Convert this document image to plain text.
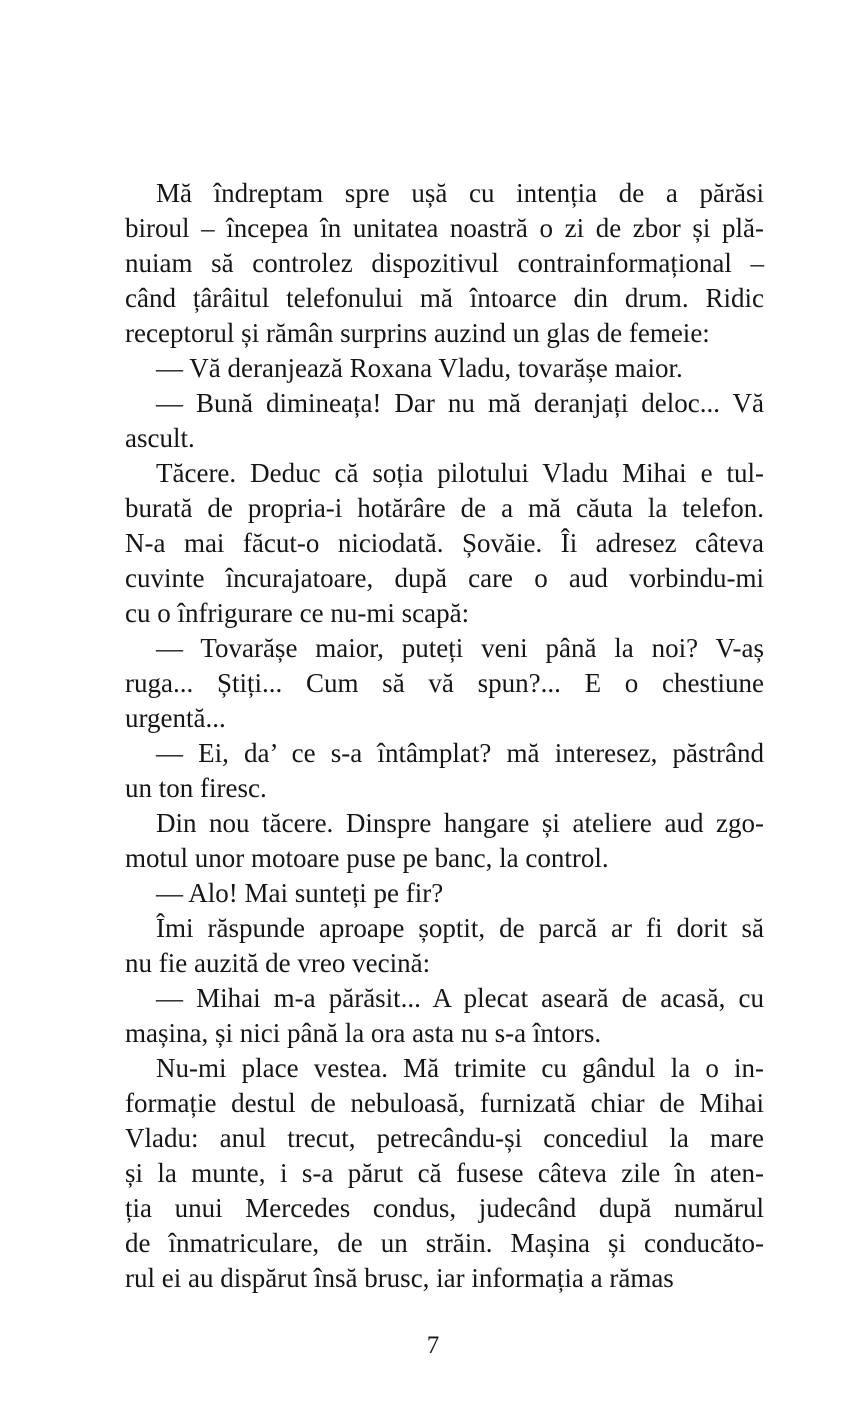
Mă îndreptam spre ușă cu intenția de a părăsi
biroul – începea în unitatea noastră o zi de zbor și plă-
nuiam să controlez dispozitivul contrainformațional –
când țârâitul telefonului mă întoarce din drum. Ridic
receptorul și rămân surprins auzind un glas de femeie:
— Vă deranjează Roxana Vladu, tovarășe maior.
— Bună dimineața! Dar nu mă deranjați deloc... Vă
ascult.
Tăcere. Deduc că soția pilotului Vladu Mihai e tul-
burată de propria-i hotărâre de a mă căuta la telefon.
N-a mai făcut-o niciodată. Șovăie. Îi adresez câteva
cuvinte încurajatoare, după care o aud vorbindu-mi
cu o înfrigurare ce nu-mi scapă:
— Tovarășe maior, puteți veni până la noi? V-aș
ruga... Știți... Cum să vă spun?... E o chestiune
urgentă...
— Ei, da’ ce s-a întâmplat? mă interesez, păstrând
un ton firesc.
Din nou tăcere. Dinspre hangare și ateliere aud zgo-
motul unor motoare puse pe banc, la control.
— Alo! Mai sunteți pe fir?
Îmi răspunde aproape șoptit, de parcă ar fi dorit să
nu fie auzită de vreo vecină:
— Mihai m-a părăsit... A plecat aseară de acasă, cu
mașina, și nici până la ora asta nu s-a întors.
Nu-mi place vestea. Mă trimite cu gândul la o in-
formație destul de nebuloasă, furnizată chiar de Mihai
Vladu: anul trecut, petrecându-și concediul la mare
și la munte, i s-a părut că fusese câteva zile în aten-
ția unui Mercedes condus, judecând după numărul
de înmatriculare, de un străin. Mașina și conducăto-
rul ei au dispărut însă brusc, iar informația a rămas
7
